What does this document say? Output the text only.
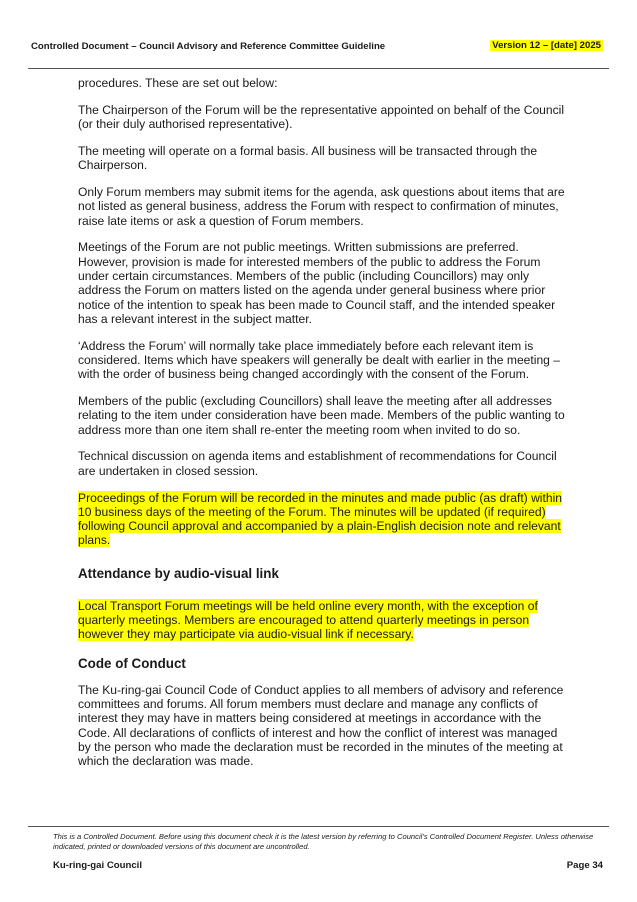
Controlled Document – Council Advisory and Reference Committee Guideline	Version 12 – [date] 2025

procedures. These are set out below:

The Chairperson of the Forum will be the representative appointed on behalf of the Council (or their duly authorised representative).

The meeting will operate on a formal basis. All business will be transacted through the Chairperson.

Only Forum members may submit items for the agenda, ask questions about items that are not listed as general business, address the Forum with respect to confirmation of minutes, raise late items or ask a question of Forum members.

Meetings of the Forum are not public meetings. Written submissions are preferred. However, provision is made for interested members of the public to address the Forum under certain circumstances. Members of the public (including Councillors) may only address the Forum on matters listed on the agenda under general business where prior notice of the intention to speak has been made to Council staff, and the intended speaker has a relevant interest in the subject matter.

‘Address the Forum’ will normally take place immediately before each relevant item is considered. Items which have speakers will generally be dealt with earlier in the meeting – with the order of business being changed accordingly with the consent of the Forum.

Members of the public (excluding Councillors) shall leave the meeting after all addresses relating to the item under consideration have been made. Members of the public wanting to address more than one item shall re-enter the meeting room when invited to do so.

Technical discussion on agenda items and establishment of recommendations for Council are undertaken in closed session.

Proceedings of the Forum will be recorded in the minutes and made public (as draft) within 10 business days of the meeting of the Forum. The minutes will be updated (if required) following Council approval and accompanied by a plain-English decision note and relevant plans.

Attendance by audio-visual link

Local Transport Forum meetings will be held online every month, with the exception of quarterly meetings. Members are encouraged to attend quarterly meetings in person however they may participate via audio-visual link if necessary.

Code of Conduct

The Ku-ring-gai Council Code of Conduct applies to all members of advisory and reference committees and forums. All forum members must declare and manage any conflicts of interest they may have in matters being considered at meetings in accordance with the Code. All declarations of conflicts of interest and how the conflict of interest was managed by the person who made the declaration must be recorded in the minutes of the meeting at which the declaration was made.

This is a Controlled Document. Before using this document check it is the latest version by referring to Council’s Controlled Document Register. Unless otherwise indicated, printed or downloaded versions of this document are uncontrolled.
Ku-ring-gai Council	Page 34
